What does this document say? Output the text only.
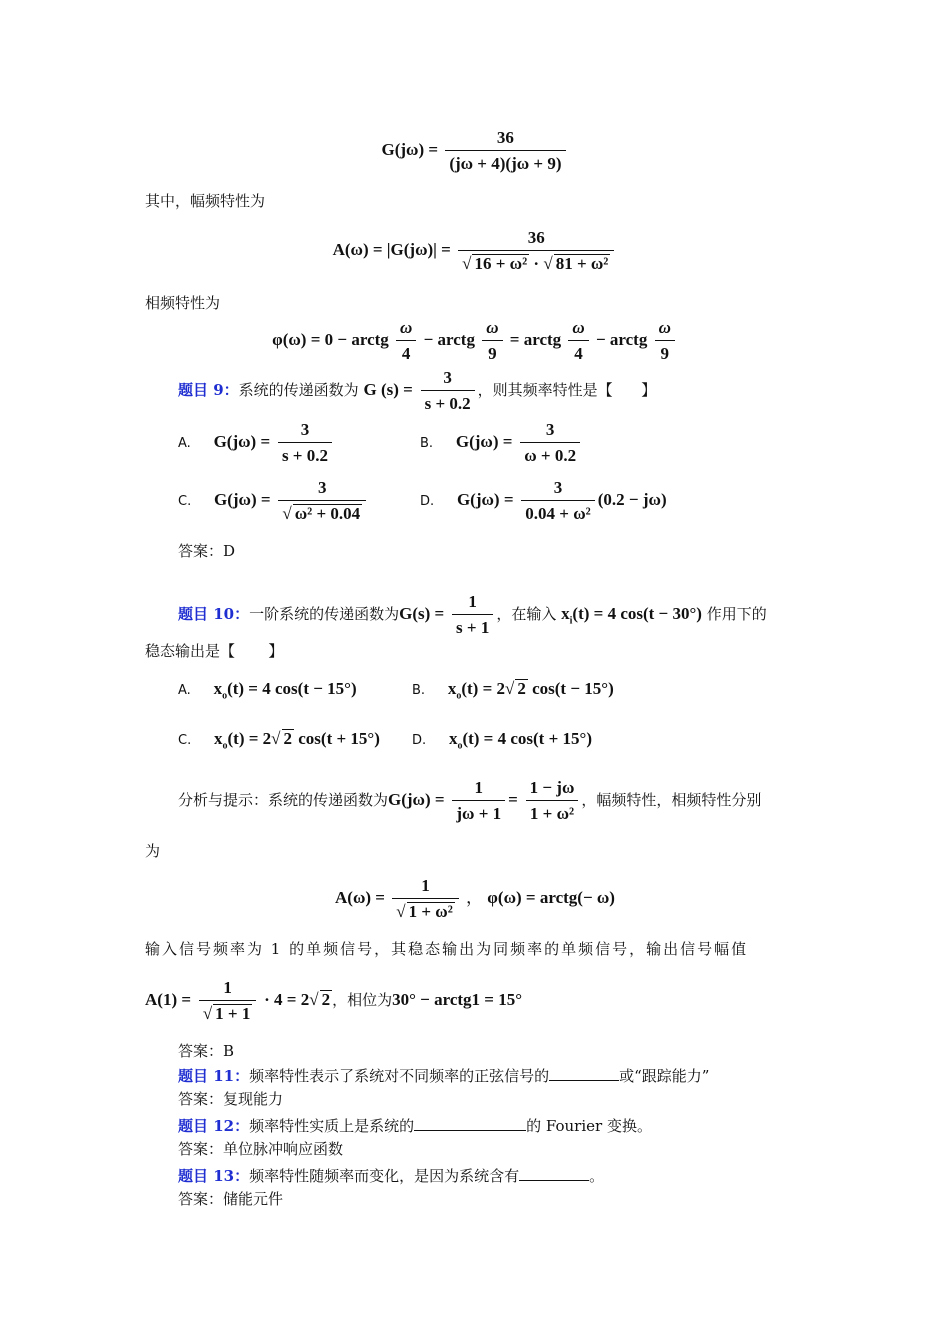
$G(j\omega) = \frac{36}{(j\omega + 4)(j\omega + 9)}$
其中，幅频特性为
$A(\omega) = |G(j\omega)| = \frac{36}{\text{√ 16 + ω² · √ 81 + ω²}}$
相频特性为
φ(ω) = 0 − arctg $\frac{\omega}{4}$ − arctg $\frac{\omega}{9}$ = arctg $\frac{\omega}{4}$ − arctg $\frac{\omega}{9}$
题目 9：系统的传递函数为 G $(s) = \frac{3}{s + 0.2}$ ，则其频率特性是【 】
A. $G(j\omega) = \frac{3}{s + 0.2}$	B. $G(j\omega) = \frac{3}{\omega + 0.2}$
C. $G(j\omega) = \frac{3}{\text{√ ω² + 0.04}}$	D. $G(j\omega) = \frac{3}{\text{0.04 + ω²}} (0.2 - j\omega)$
答案：D
题目 10：一阶系统的传递函数为$G(s) = \frac{1}{s + 1}$ ，在输入 $x_i(t) = 4$ cos(t − 30°) 作用下的
稳态输出是【 】
A. $x_o(t) = 4$ cos(t − 15°)	B. $x_o(t) = 2√$ 2 cos(t − 15°)
C. $x_o(t) = 2√$ 2 cos(t + 15°) D. $x_o(t) = 4$ cos(t + 15°)
分析与提示：系统的传递函数为$G(j\omega) = \frac{1}{j\omega + 1} = \frac{1 - j\omega}{\text{1 + ω²}}$ ，幅频特性，相频特性分别
为
$A(\omega) = \frac{1}{\text{√ 1 + ω²}}$ ， φ(ω) = arctg(− ω)
输入信号频率为 1 的单频信号，其稳态输出为同频率的单频信号，输出信号幅值
$A(1) = \frac{1}{√ 1 + 1} \cdot 4 = 2√$ 2 ，相位为30° − arctg1 = 15°
答案：B
题目 11：频率特性表示了系统对不同频率的正弦信号的	或“跟踪能力”
答案：复现能力
题目 12：频率特性实质上是系统的	的 Fourier 变换。
答案：单位脉冲响应函数
题目 13：频率特性随频率而变化，是因为系统含有	。
答案：储能元件
